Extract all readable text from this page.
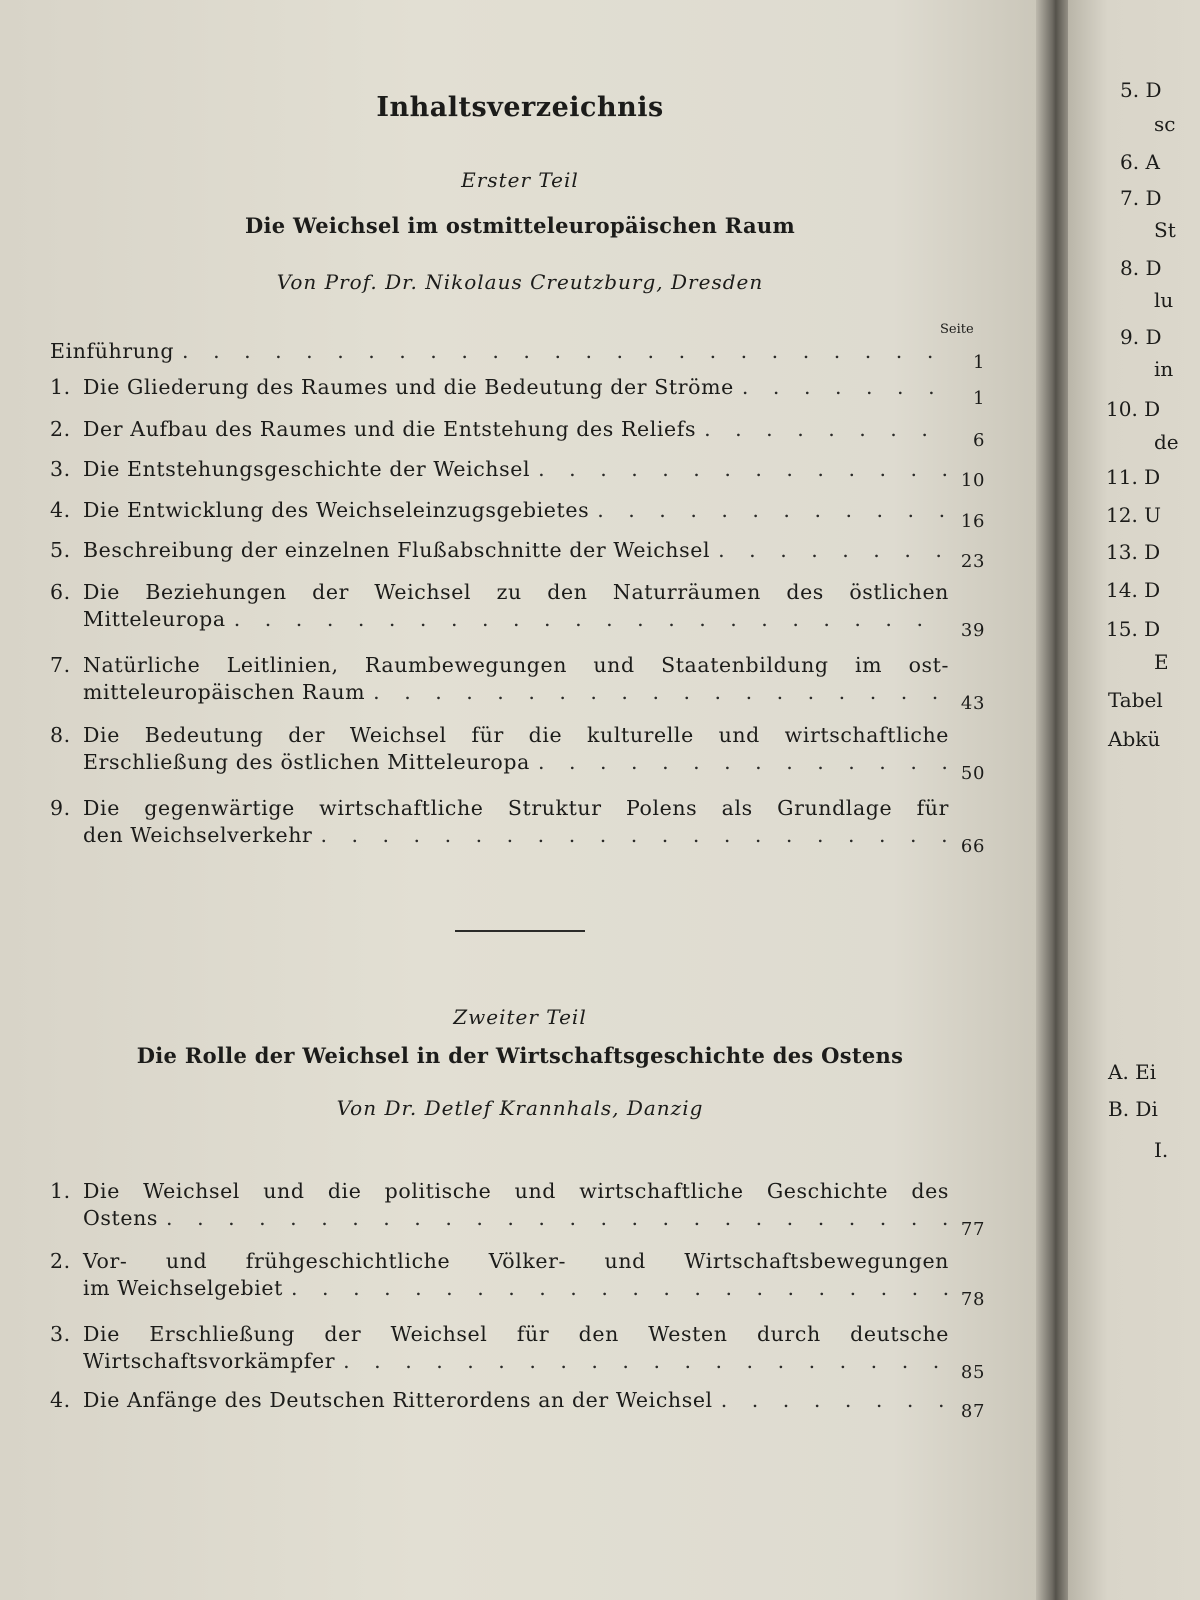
Inhaltsverzeichnis
Erster Teil
Die Weichsel im ostmitteleuropäischen Raum
Von Prof. Dr. Nikolaus Creutzburg, Dresden
Seite
Einführung . . .	1
1. Die Gliederung des Raumes und die Bedeutung der Ströme . . .	1
2. Der Aufbau des Raumes und die Entstehung des Reliefs . . .	6
3. Die Entstehungsgeschichte der Weichsel . . .	10
4. Die Entwicklung des Weichseleinzugsgebietes . . .	16
5. Beschreibung der einzelnen Flußabschnitte der Weichsel . . .	23
6. Die Beziehungen der Weichsel zu den Naturräumen des östlichen
Mitteleuropa . . .	39
7. Natürliche Leitlinien, Raumbewegungen und Staatenbildung im ost-
mitteleuropäischen Raum . . .	43
8. Die Bedeutung der Weichsel für die kulturelle und wirtschaftliche
Erschließung des östlichen Mitteleuropa . . .	50
9. Die gegenwärtige wirtschaftliche Struktur Polens als Grundlage für
den Weichselverkehr . . .	66
Zweiter Teil
Die Rolle der Weichsel in der Wirtschaftsgeschichte des Ostens
Von Dr. Detlef Krannhals, Danzig
1. Die Weichsel und die politische und wirtschaftliche Geschichte des
Ostens . . .	77
2. Vor- und frühgeschichtliche Völker- und Wirtschaftsbewegungen
im Weichselgebiet . . .	78
3. Die Erschließung der Weichsel für den Westen durch deutsche
Wirtschaftsvorkämpfer . . .	85
4. Die Anfänge des Deutschen Ritterordens an der Weichsel . . .	87
5. D
sc
6. A
7. D
St
8. D
lu
9. D
in
10. D
de
11. D
12. U
13. D
14. D
15. D
E
Tabel
Abkü
A. Ei
B. Di
I.
